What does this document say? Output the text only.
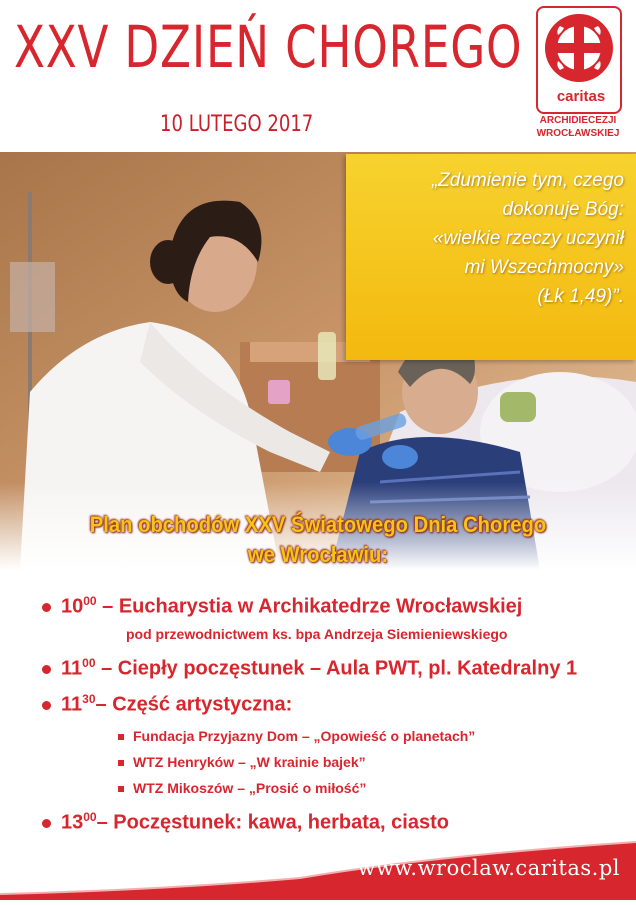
XXV DZIEŃ CHOREGO
10 LUTEGO 2017
caritas
ARCHIDIECEZJI
WROCŁAWSKIEJ
„Zdumienie tym, czego
dokonuje Bóg:
«wielkie rzeczy uczynił
mi Wszechmocny»
(Łk 1,49)”.
Plan obchodów XXV Światowego Dnia Chorego
we Wrocławiu:
$10^{00}$ – Eucharystia w Archikatedrze Wrocławskiej
pod przewodnictwem ks. bpa Andrzeja Siemieniewskiego
$11^{00}$ – Ciepły poczęstunek – Aula PWT, pl. Katedralny 1
$11^{30}-$ Część artystyczna:
Fundacja Przyjazny Dom – „Opowieść o planetach”
WTZ Henryków – „W krainie bajek”
WTZ Mikoszów – „Prosić o miłość”
$13^{00}-$ Poczęstunek: kawa, herbata, ciasto
www.wroclaw.caritas.pl
